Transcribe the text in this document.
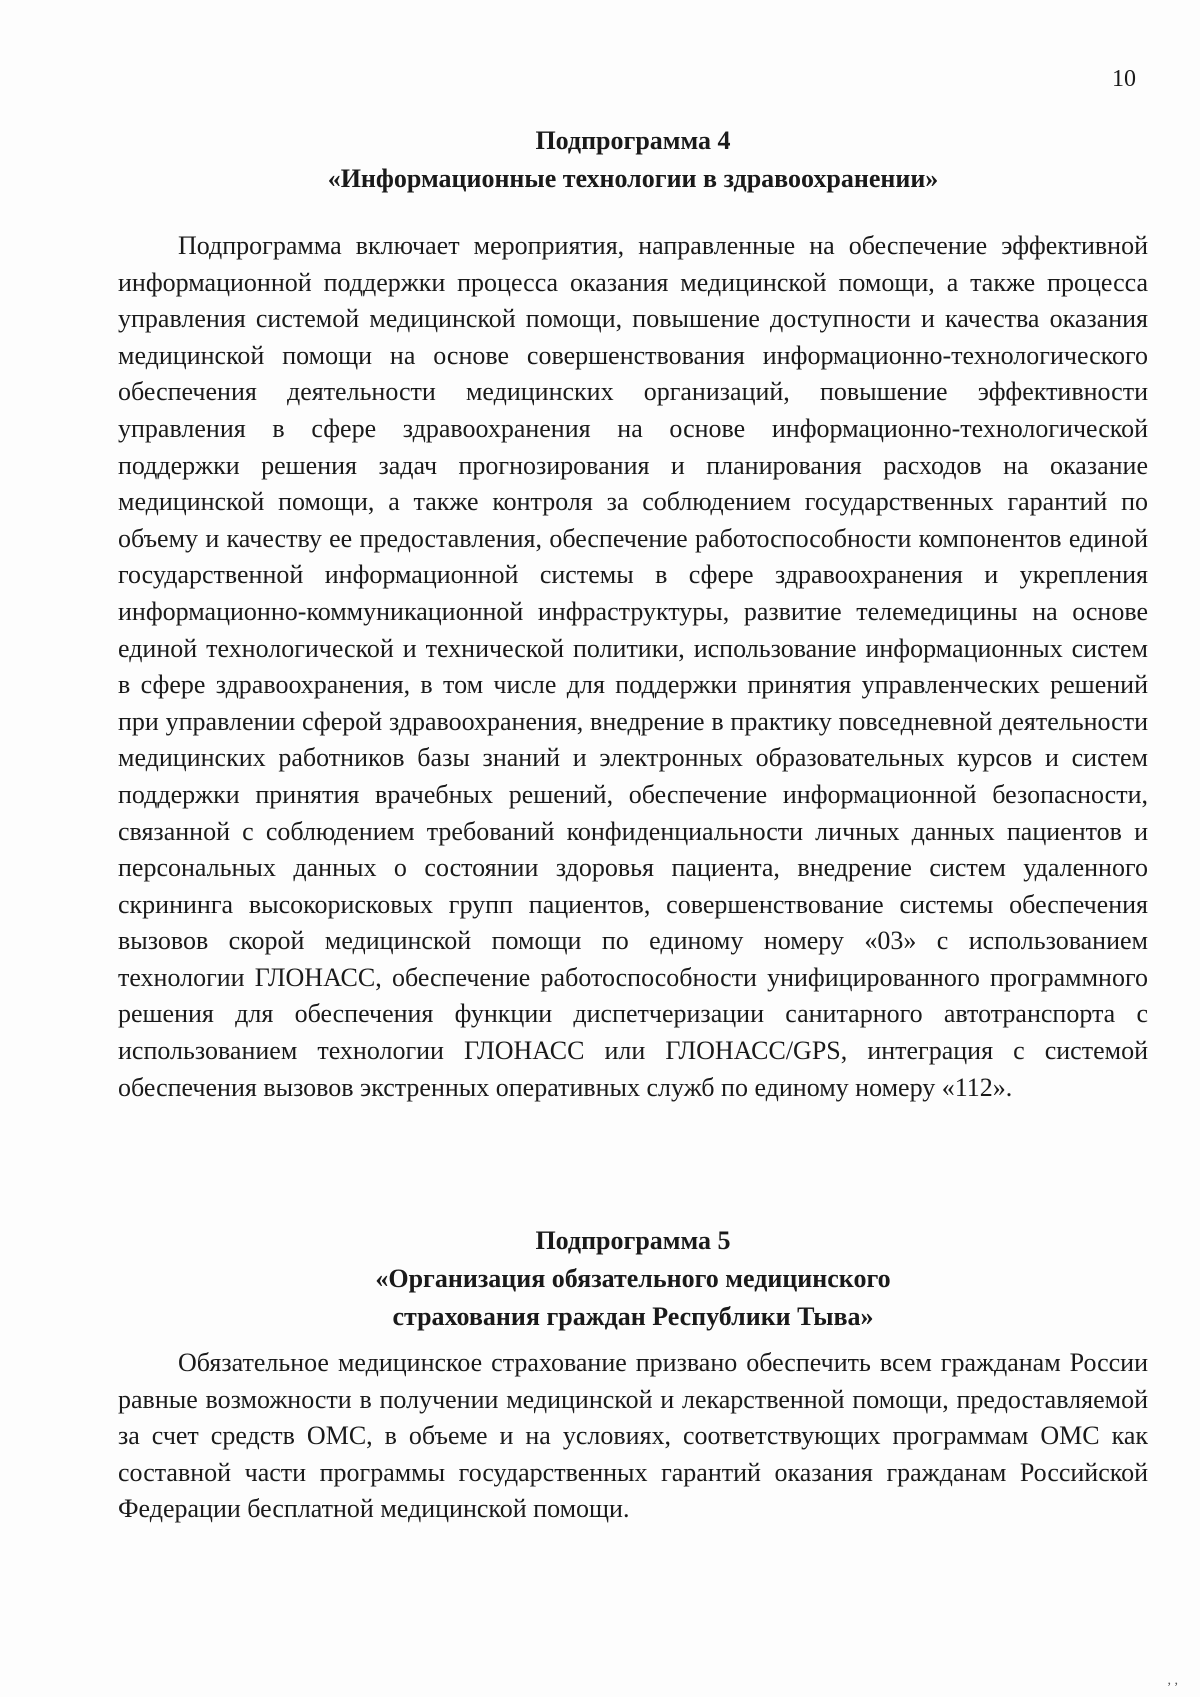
10
Подпрограмма 4
«Информационные технологии в здравоохранении»

Подпрограмма включает мероприятия, направленные на обеспечение эффективной информационной поддержки процесса оказания медицинской помощи, а также процесса управления системой медицинской помощи, повышение доступности и качества оказания медицинской помощи на основе совершенствования информационно-технологического обеспечения деятельности медицинских организаций, повышение эффективности управления в сфере здравоохранения на основе информационно-технологической поддержки решения задач прогнозирования и планирования расходов на оказание медицинской помощи, а также контроля за соблюдением государственных гарантий по объему и качеству ее предоставления, обеспечение работоспособности компонентов единой государственной информационной системы в сфере здравоохранения и укрепления информационно-коммуникационной инфраструктуры, развитие телемедицины на основе единой технологической и технической политики, использование информационных систем в сфере здравоохранения, в том числе для поддержки принятия управленческих решений при управлении сферой здравоохранения, внедрение в практику повседневной деятельности медицинских работников базы знаний и электронных образовательных курсов и систем поддержки принятия врачебных решений, обеспечение информационной безопасности, связанной с соблюдением требований конфиденциальности личных данных пациентов и персональных данных о состоянии здоровья пациента, внедрение систем удаленного скрининга высокорисковых групп пациентов, совершенствование системы обеспечения вызовов скорой медицинской помощи по единому номеру «03» с использованием технологии ГЛОНАСС, обеспечение работоспособности унифицированного программного решения для обеспечения функции диспетчеризации санитарного автотранспорта с использованием технологии ГЛОНАСС или ГЛОНАСС/GPS, интеграция с системой обеспечения вызовов экстренных оперативных служб по единому номеру «112».

Подпрограмма 5
«Организация обязательного медицинского
страхования граждан Республики Тыва»

Обязательное медицинское страхование призвано обеспечить всем гражданам России равные возможности в получении медицинской и лекарственной помощи, предоставляемой за счет средств ОМС, в объеме и на условиях, соответствующих программам ОМС как составной части программы государственных гарантий оказания гражданам Российской Федерации бесплатной медицинской помощи.

, ,
